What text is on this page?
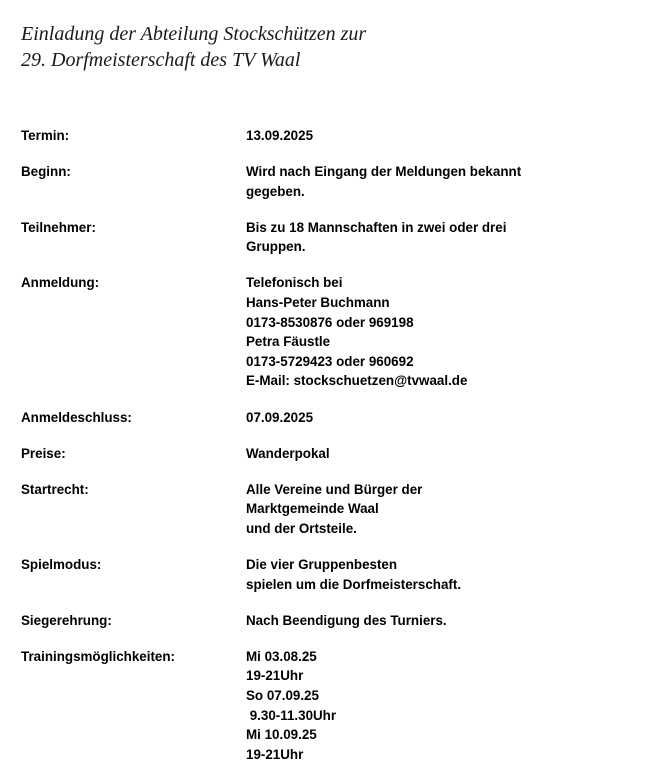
Einladung der Abteilung Stockschützen zur
29. Dorfmeisterschaft des TV Waal
Termin:	13.09.2025
Beginn:	Wird nach Eingang der Meldungen bekannt
gegeben.
Teilnehmer:	Bis zu 18 Mannschaften in zwei oder drei
Gruppen.
Anmeldung:	Telefonisch bei
Hans-Peter Buchmann
0173-8530876 oder 969198
Petra Fäustle
0173-5729423 oder 960692
E-Mail: stockschuetzen@tvwaal.de
Anmeldeschluss:	07.09.2025
Preise:	Wanderpokal
Startrecht:	Alle Vereine und Bürger der
Marktgemeinde Waal
und der Ortsteile.
Spielmodus:	Die vier Gruppenbesten
spielen um die Dorfmeisterschaft.
Siegerehrung:	Nach Beendigung des Turniers.
Trainingsmöglichkeiten:	Mi 03.08.25
19-21Uhr
So 07.09.25
9.30-11.30Uhr
Mi 10.09.25
19-21Uhr
